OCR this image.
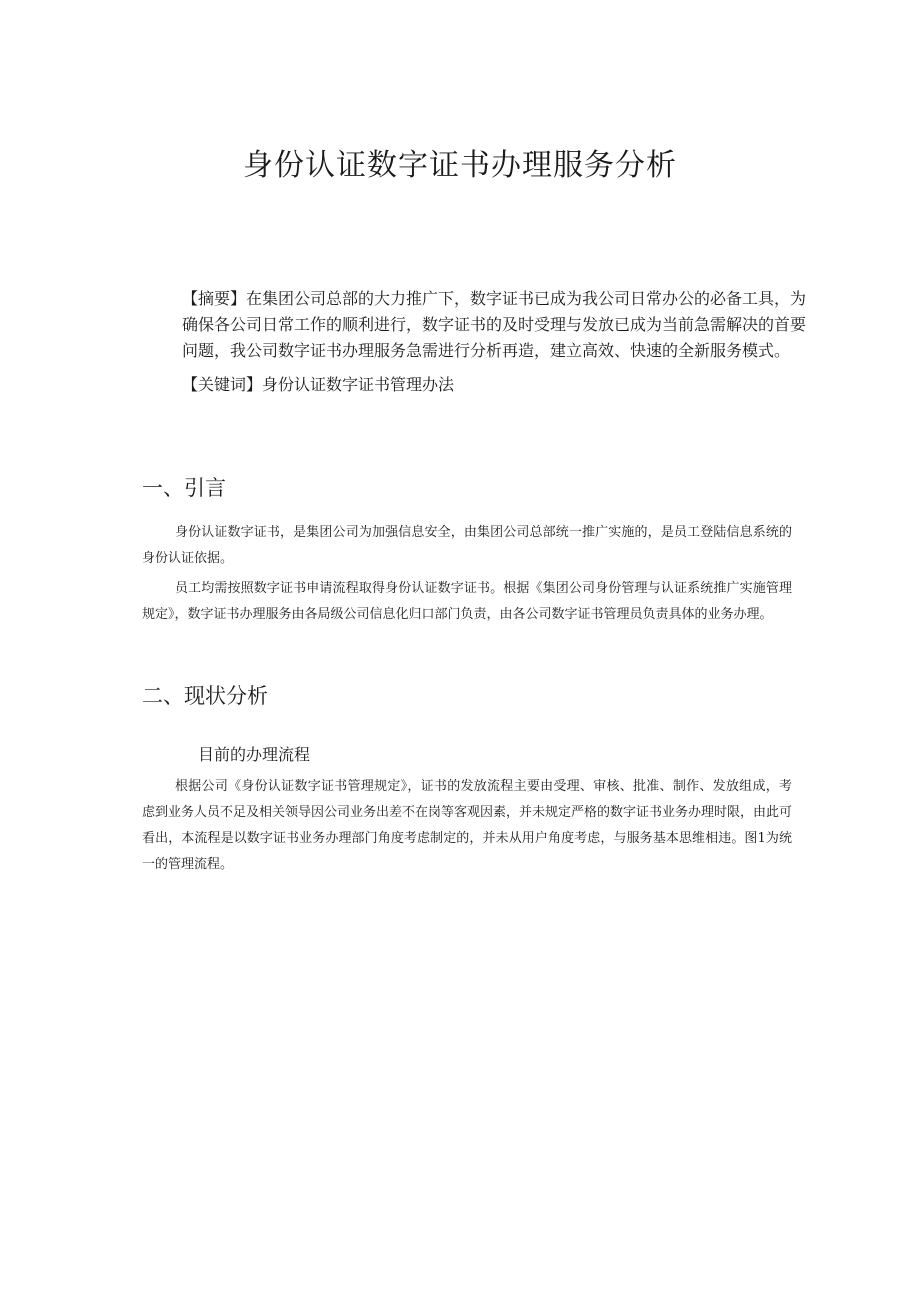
身份认证数字证书办理服务分析

【摘要】在集团公司总部的大力推广下，数字证书已成为我公司日常办公的必备工具，为确保各公司日常工作的顺利进行，数字证书的及时受理与发放已成为当前急需解决的首要问题，我公司数字证书办理服务急需进行分析再造，建立高效、快速的全新服务模式。

【关键词】身份认证数字证书管理办法

一、引言

身份认证数字证书，是集团公司为加强信息安全，由集团公司总部统一推广实施的，是员工登陆信息系统的身份认证依据。

员工均需按照数字证书申请流程取得身份认证数字证书。根据《集团公司身份管理与认证系统推广实施管理规定》，数字证书办理服务由各局级公司信息化归口部门负责，由各公司数字证书管理员负责具体的业务办理。

二、现状分析
目前的办理流程

根据公司《身份认证数字证书管理规定》，证书的发放流程主要由受理、审核、批准、制作、发放组成，考虑到业务人员不足及相关领导因公司业务出差不在岗等客观因素，并未规定严格的数字证书业务办理时限，由此可看出，本流程是以数字证书业务办理部门角度考虑制定的，并未从用户角度考虑，与服务基本思维相违。图1为统一的管理流程。
